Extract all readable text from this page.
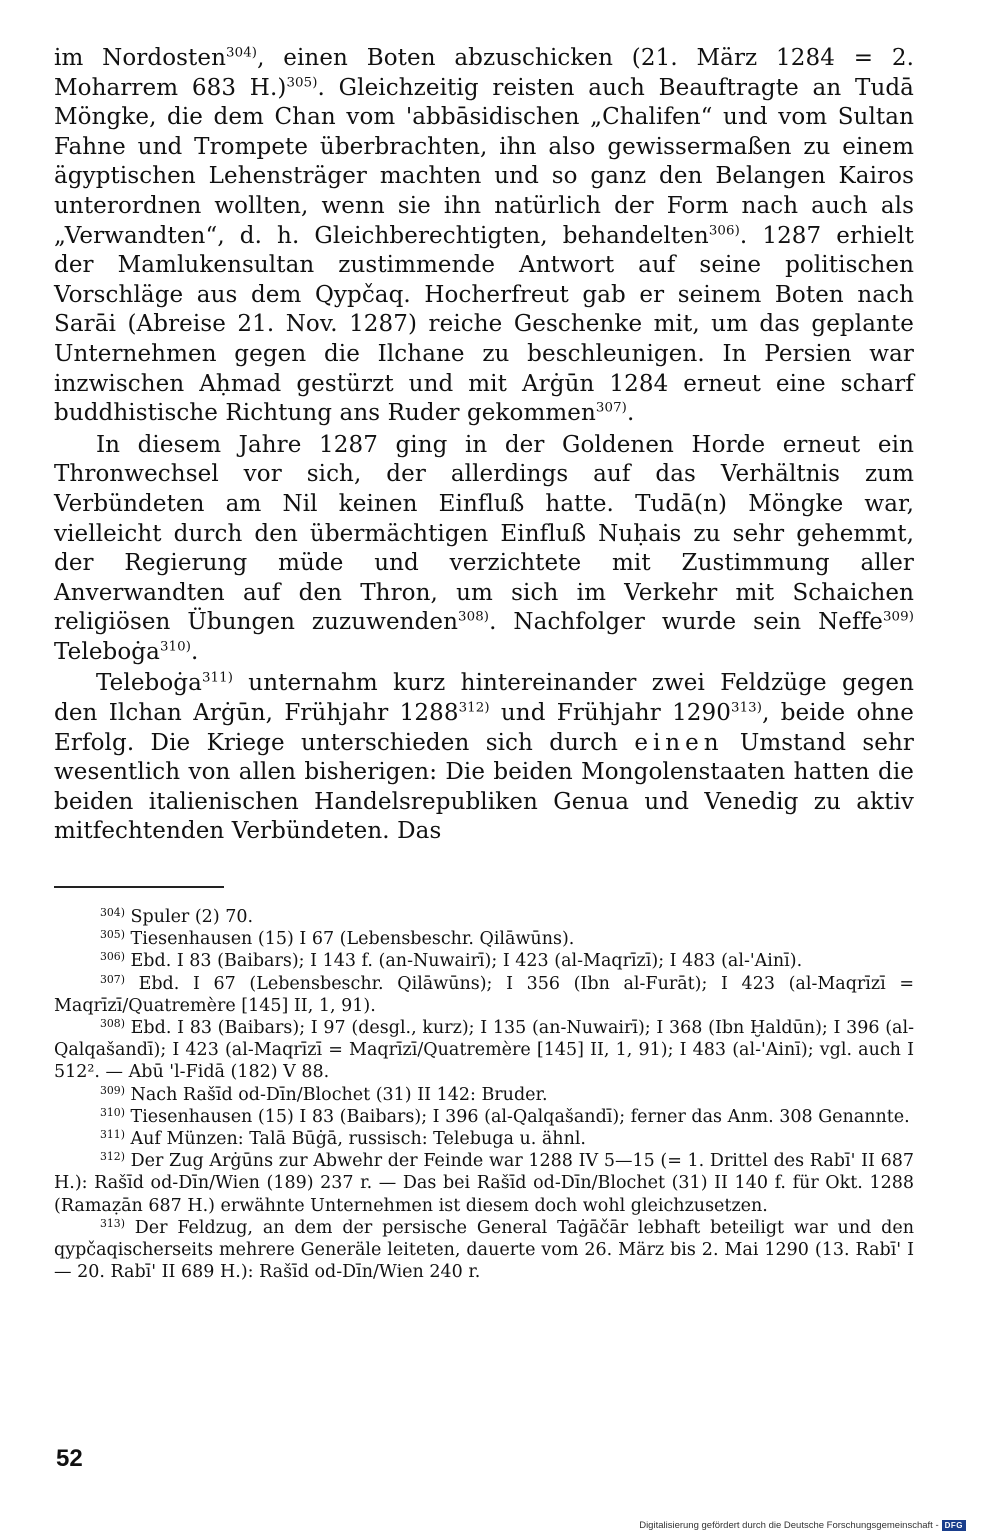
im Nordosten$^{304)}$, einen Boten abzuschicken (21. März 1284 = 2. Moharrem 683 H.)$^{305)}$. Gleichzeitig reisten auch Beauftragte an Tudā Möngke, die dem Chan vom 'abbāsidischen „Chalifen“ und vom Sultan Fahne und Trompete überbrachten, ihn also gewissermaßen zu einem ägyptischen Lehensträger machten und so ganz den Belangen Kairos unterordnen wollten, wenn sie ihn natürlich der Form nach auch als „Verwandten“, d. h. Gleichberechtigten, behandelten$^{306)}$. 1287 erhielt der Mamlukensultan zustimmende Antwort auf seine politischen Vorschläge aus dem Qypčaq. Hocherfreut gab er seinem Boten nach Sarāi (Abreise 21. Nov. 1287) reiche Geschenke mit, um das geplante Unternehmen gegen die Ilchane zu beschleunigen. In Persien war inzwischen Aḥmad gestürzt und mit Arġūn 1284 erneut eine scharf buddhistische Richtung ans Ruder gekommen$^{307)}$.

In diesem Jahre 1287 ging in der Goldenen Horde erneut ein Thronwechsel vor sich, der allerdings auf das Verhältnis zum Verbündeten am Nil keinen Einfluß hatte. Tudā(n) Möngke war, vielleicht durch den übermächtigen Einfluß Nuḥais zu sehr gehemmt, der Regierung müde und verzichtete mit Zustimmung aller Anverwandten auf den Thron, um sich im Verkehr mit Schaichen religiösen Übungen zuzuwenden$^{308)}$. Nachfolger wurde sein Neffe$^{309)}$ Teleboġa$^{310)}$.

Teleboġa$^{311)}$ unternahm kurz hintereinander zwei Feldzüge gegen den Ilchan Arġūn, Frühjahr 1288$^{312)}$ und Frühjahr 1290$^{313)}$, beide ohne Erfolg. Die Kriege unterschieden sich durch einen Umstand sehr wesentlich von allen bisherigen: Die beiden Mongolenstaaten hatten die beiden italienischen Handelsrepubliken Genua und Venedig zu aktiv mitfechtenden Verbündeten. Das

$^{304)}$ Spuler (2) 70.

$^{305)}$ Tiesenhausen (15) I 67 (Lebensbeschr. Qilāwūns).

$^{306)}$ Ebd. I 83 (Baibars); I 143 f. (an-Nuwairī); I 423 (al-Maqrīzī); I 483 (al-'Ainī).

$^{307)}$ Ebd. I 67 (Lebensbeschr. Qilāwūns); I 356 (Ibn al-Furāt); I 423 (al-Maqrīzī = Maqrīzī/Quatremère [145] II, 1, 91).

$^{308)}$ Ebd. I 83 (Baibars); I 97 (desgl., kurz); I 135 (an-Nuwairī); I 368 (Ibn Ḫaldūn); I 396 (al-Qalqašandī); I 423 (al-Maqrīzī = Maqrīzī/Quatremère [145] II, 1, 91); I 483 (al-'Ainī); vgl. auch I 512². — Abū 'l-Fidā (182) V 88.

$^{309)}$ Nach Rašīd od-Dīn/Blochet (31) II 142: Bruder.

$^{310)}$ Tiesenhausen (15) I 83 (Baibars); I 396 (al-Qalqašandī); ferner das Anm. 308 Genannte.

$^{311)}$ Auf Münzen: Talā Būġā, russisch: Telebuga u. ähnl.

$^{312)}$ Der Zug Arġūns zur Abwehr der Feinde war 1288 IV 5—15 (= 1. Drittel des Rabī' II 687 H.): Rašīd od-Dīn/Wien (189) 237 r. — Das bei Rašīd od-Dīn/Blochet (31) II 140 f. für Okt. 1288 (Ramaẓān 687 H.) erwähnte Unternehmen ist diesem doch wohl gleichzusetzen.

$^{313)}$ Der Feldzug, an dem der persische General Taġāčār lebhaft beteiligt war und den qypčaqischerseits mehrere Generäle leiteten, dauerte vom 26. März bis 2. Mai 1290 (13. Rabī' I — 20. Rabī' II 689 H.): Rašīd od-Dīn/Wien 240 r.

52
Digitalisierung gefördert durch die Deutsche Forschungsgemeinschaft - DFG
